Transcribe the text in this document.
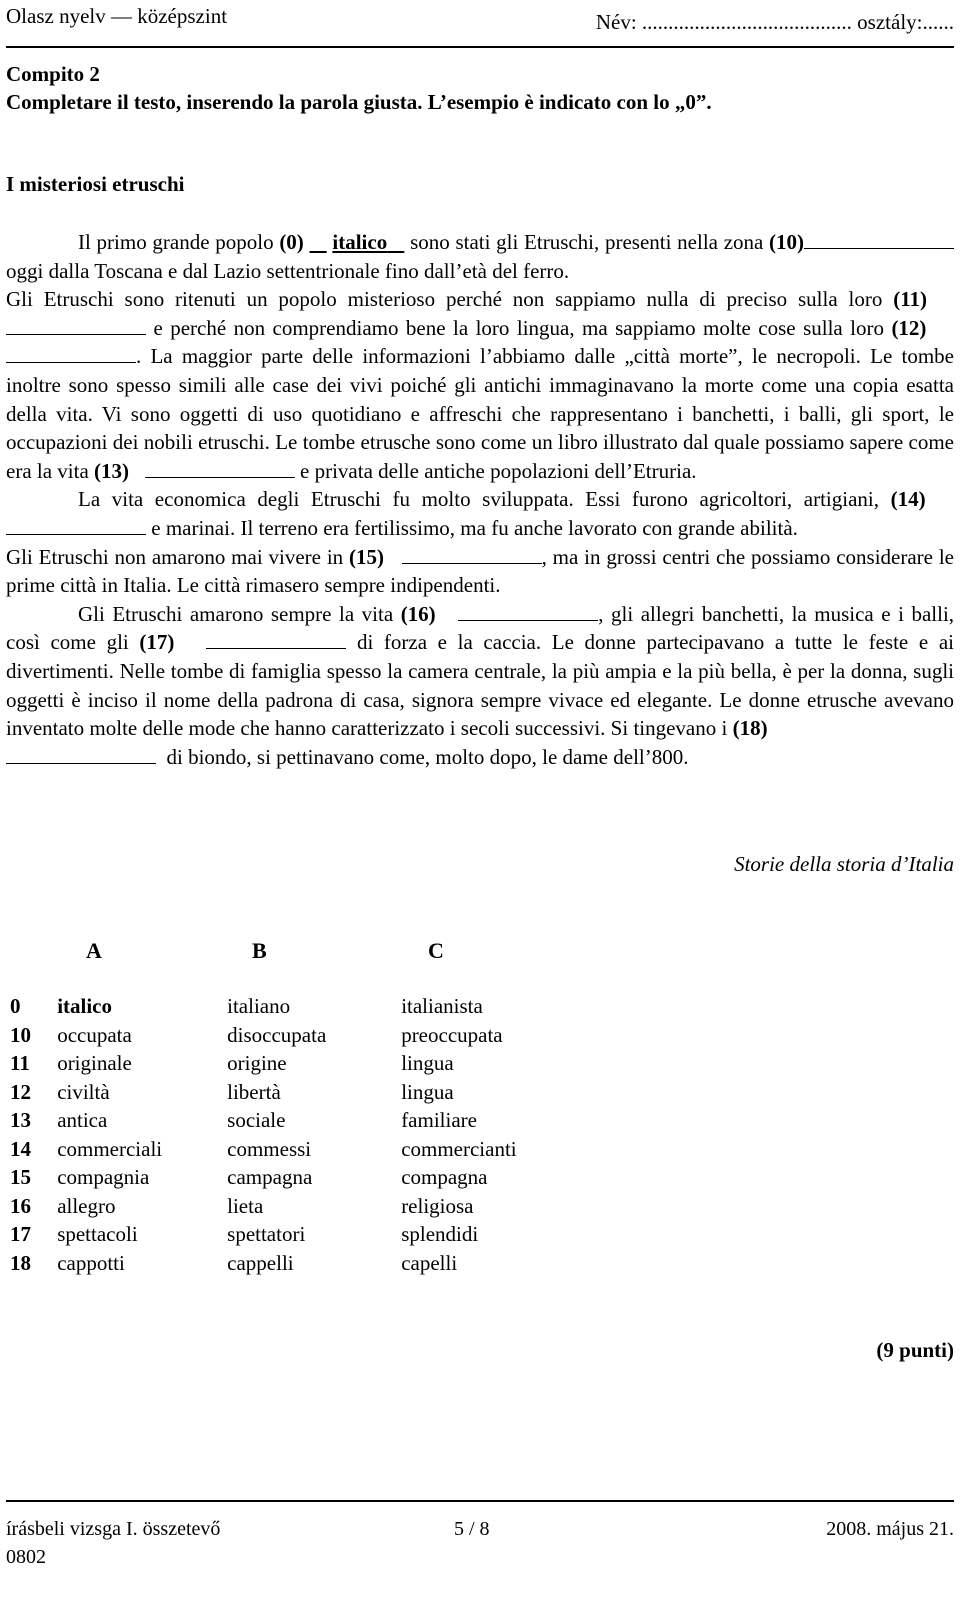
Olasz nyelv — középszint	Név: ........................................ osztály:......
Compito 2
Completare il testo, inserendo la parola giusta. L’esempio è indicato con lo „0”.
I misteriosi etruschi

Il primo grande popolo (0) italico    sono stati gli Etruschi, presenti nella zona (10) oggi dalla Toscana e dal Lazio settentrionale fino dall’età del ferro.

Gli Etruschi sono ritenuti un popolo misterioso perché non sappiamo nulla di preciso sulla loro (11)    e perché non comprendiamo bene la loro lingua, ma sappiamo molte cose sulla loro (12)    . La maggior parte delle informazioni l’abbiamo dalle „città morte”, le necropoli. Le tombe inoltre sono spesso simili alle case dei vivi poiché gli antichi immaginavano la morte come una copia esatta della vita. Vi sono oggetti di uso quotidiano e affreschi che rappresentano i banchetti, i balli, gli sport, le occupazioni dei nobili etruschi. Le tombe etrusche sono come un libro illustrato dal quale possiamo sapere come era la vita (13)	e privata delle antiche popolazioni dell’Etruria.

La vita economica degli Etruschi fu molto sviluppata. Essi furono agricoltori, artigiani, (14)    e marinai. Il terreno era fertilissimo, ma fu anche lavorato con grande abilità.

Gli Etruschi non amarono mai vivere in (15)	, ma in grossi centri che possiamo considerare le prime città in Italia. Le città rimasero sempre indipendenti.

Gli Etruschi amarono sempre la vita (16)	, gli allegri banchetti, la musica e i balli, così come gli (17)	di forza e la caccia. Le donne partecipavano a tutte le feste e ai divertimenti. Nelle tombe di famiglia spesso la camera centrale, la più ampia e la più bella, è per la donna, sugli oggetti è inciso il nome della padrona di casa, signora sempre vivace ed elegante. Le donne etrusche avevano inventato molte delle mode che hanno caratterizzato i secoli successivi. Si tingevano i (18)
di biondo, si pettinavano come, molto dopo, le dame dell’800.

Storie della storia d’Italia
A	B	C
0	italico	italiano	italianista
10	occupata	disoccupata	preoccupata
11	originale	origine	lingua
12	civiltà	libertà	lingua
13	antica	sociale	familiare
14	commerciali	commessi	commercianti
15	compagnia	campagna	compagna
16	allegro	lieta	religiosa
17	spettacoli	spettatori	splendidi
18	cappotti	cappelli	capelli
(9 punti)
írásbeli vizsga I. összetevő
0802
5 / 8	2008. május 21.
